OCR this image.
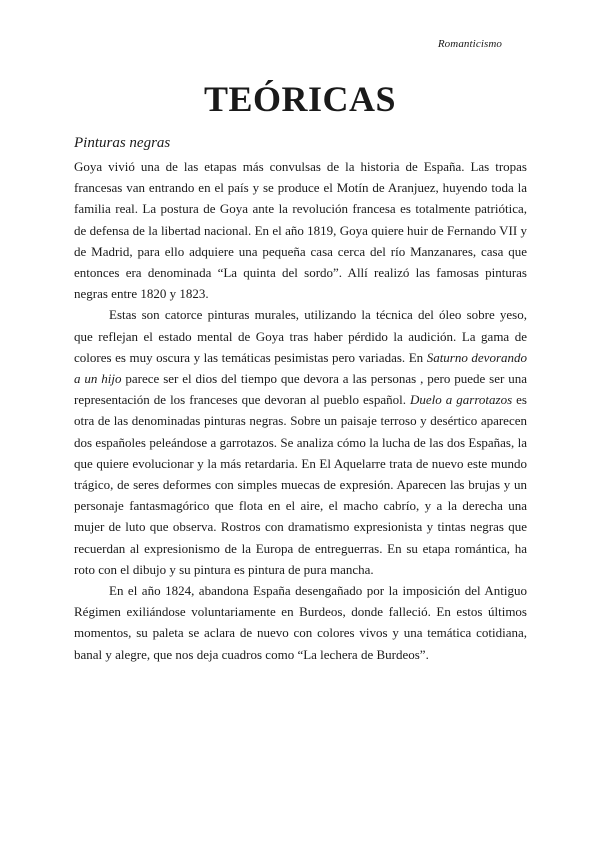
Romanticismo
TEÓRICAS
Pinturas negras

Goya vivió una de las etapas más convulsas de la historia de España. Las tropas francesas van entrando en el país y se produce el Motín de Aranjuez, huyendo toda la familia real. La postura de Goya ante la revolución francesa es totalmente patriótica, de defensa de la libertad nacional. En el año 1819, Goya quiere huir de Fernando VII y de Madrid, para ello adquiere una pequeña casa cerca del río Manzanares, casa que entonces era denominada “La quinta del sordo”. Allí realizó las famosas pinturas negras entre 1820 y 1823.

Estas son catorce pinturas murales, utilizando la técnica del óleo sobre yeso, que reflejan el estado mental de Goya tras haber pérdido la audición. La gama de colores es muy oscura y las temáticas pesimistas pero variadas. En Saturno devorando a un hijo parece ser el dios del tiempo que devora a las personas , pero puede ser una representación de los franceses que devoran al pueblo español. Duelo a garrotazos es otra de las denominadas pinturas negras. Sobre un paisaje terroso y desértico aparecen dos españoles peleándose a garrotazos. Se analiza cómo la lucha de las dos Españas, la que quiere evolucionar y la más retardaria. En El Aquelarre trata de nuevo este mundo trágico, de seres deformes con simples muecas de expresión. Aparecen las brujas y un personaje fantasmagórico que flota en el aire, el macho cabrío, y a la derecha una mujer de luto que observa. Rostros con dramatismo expresionista y tintas negras que recuerdan al expresionismo de la Europa de entreguerras. En su etapa romántica, ha roto con el dibujo y su pintura es pintura de pura mancha.

En el año 1824, abandona España desengañado por la imposición del Antiguo Régimen exiliándose voluntariamente en Burdeos, donde falleció. En estos últimos momentos, su paleta se aclara de nuevo con colores vivos y una temática cotidiana, banal y alegre, que nos deja cuadros como “La lechera de Burdeos”.
